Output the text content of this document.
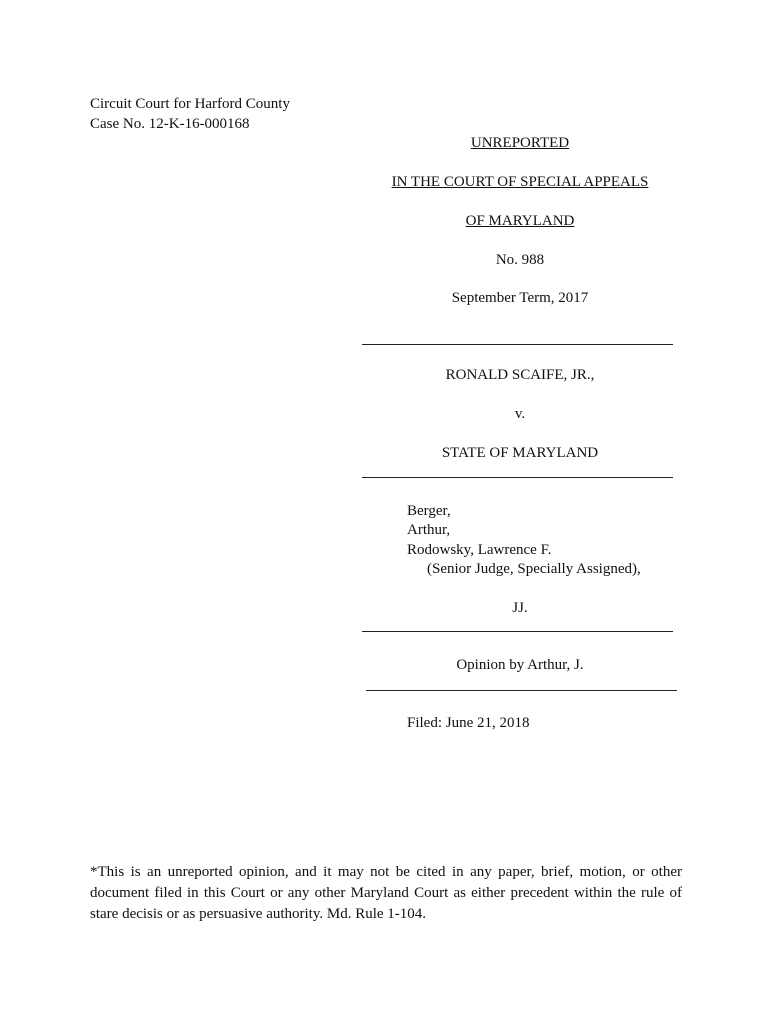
Circuit Court for Harford County
Case No. 12-K-16-000168
UNREPORTED
IN THE COURT OF SPECIAL APPEALS
OF MARYLAND
No. 988
September Term, 2017
RONALD SCAIFE, JR.,
v.
STATE OF MARYLAND
Berger,
Arthur,
Rodowsky, Lawrence F.
(Senior Judge, Specially Assigned),
JJ.
Opinion by Arthur, J.
Filed: June 21, 2018
*This is an unreported opinion, and it may not be cited in any paper, brief, motion, or other document filed in this Court or any other Maryland Court as either precedent within the rule of stare decisis or as persuasive authority. Md. Rule 1-104.
